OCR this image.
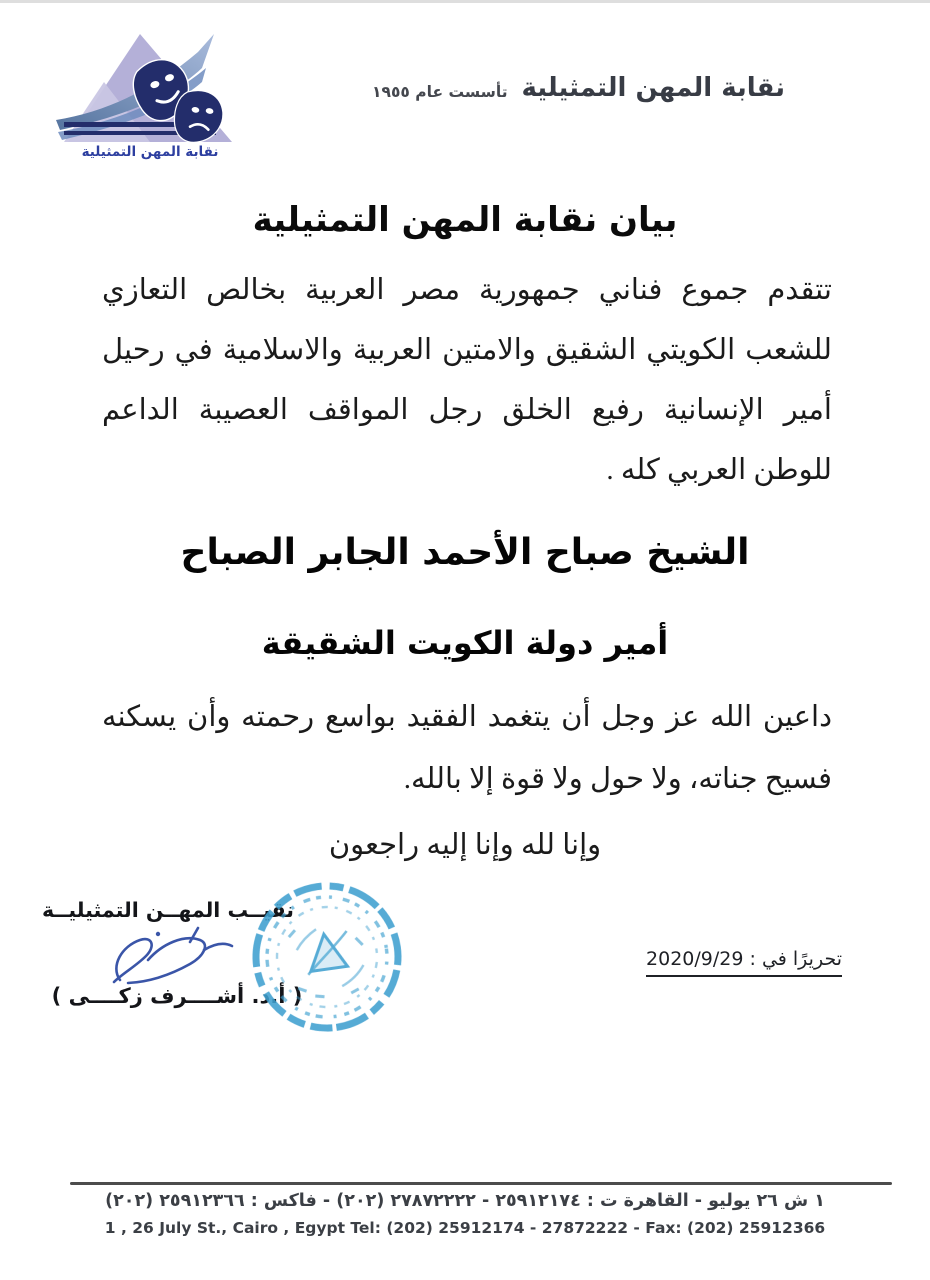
نقابة المهن التمثيلية
نقابة المهن التمثيلية
تأسست عام ١٩٥٥
بيان نقابة المهن التمثيلية
تتقدم جموع فناني جمهورية مصر العربية بخالص التعازي
للشعب الكويتي الشقيق والامتين العربية والاسلامية في رحيل
أمير الإنسانية رفيع الخلق رجل المواقف العصيبة الداعم
للوطن العربي كله .
الشيخ صباح الأحمد الجابر الصباح
أمير دولة الكويت الشقيقة
داعين الله عز وجل أن يتغمد الفقيد بواسع رحمته وأن يسكنه
فسيح جناته، ولا حول ولا قوة إلا بالله.
وإنا لله وإنا إليه راجعون
نقيــب المهــن التمثيليــة
( أ.د. أشــــرف زكــــى )
تحريرًا في : 2020/9/29
١ ش ٢٦ يوليو - القاهرة ت : ٢٥٩١٢١٧٤ - ٢٧٨٧٢٢٢٢ (٢٠٢) - فاكس : ٢٥٩١٢٣٦٦ (٢٠٢)
1 , 26 July St., Cairo , Egypt Tel: (202) 25912174 - 27872222 - Fax: (202) 25912366
